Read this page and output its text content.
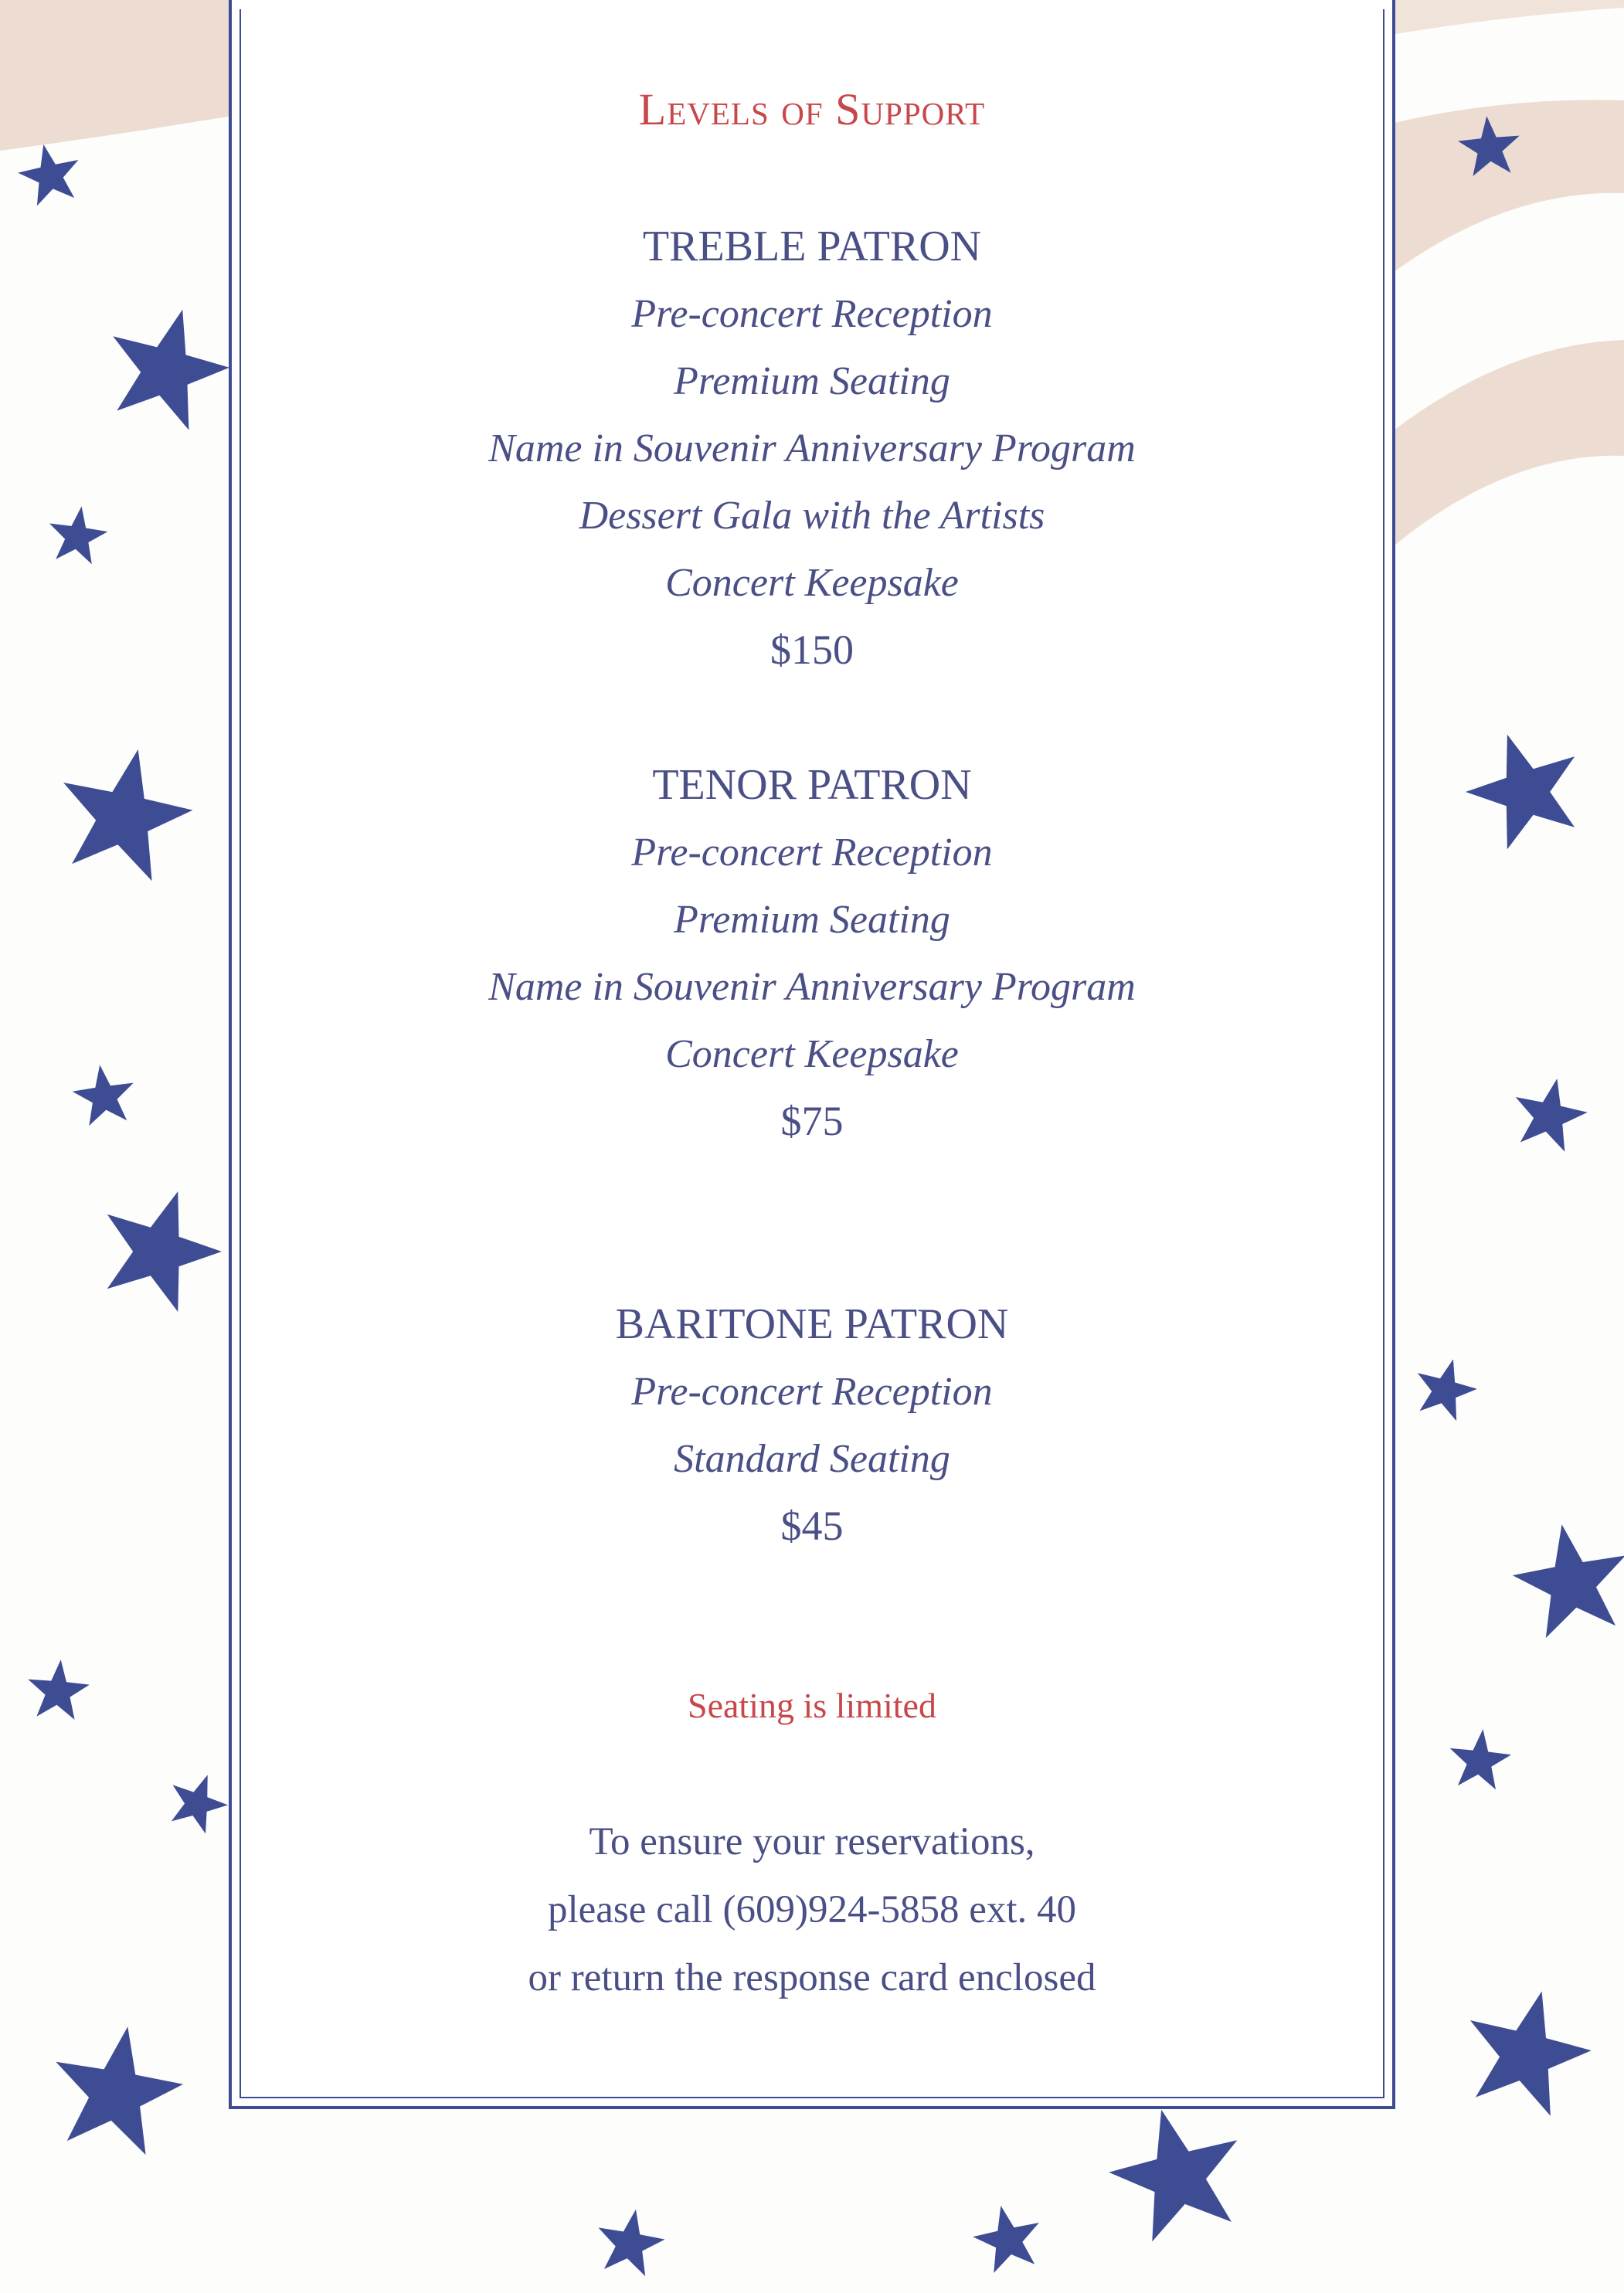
Levels of Support
TREBLE PATRON
Pre-concert Reception
Premium Seating
Name in Souvenir Anniversary Program
Dessert Gala with the Artists
Concert Keepsake
$150
TENOR PATRON
Pre-concert Reception
Premium Seating
Name in Souvenir Anniversary Program
Concert Keepsake
$75
BARITONE PATRON
Pre-concert Reception
Standard Seating
$45
Seating is limited
To ensure your reservations,
please call (609)924-5858 ext. 40
or return the response card enclosed
